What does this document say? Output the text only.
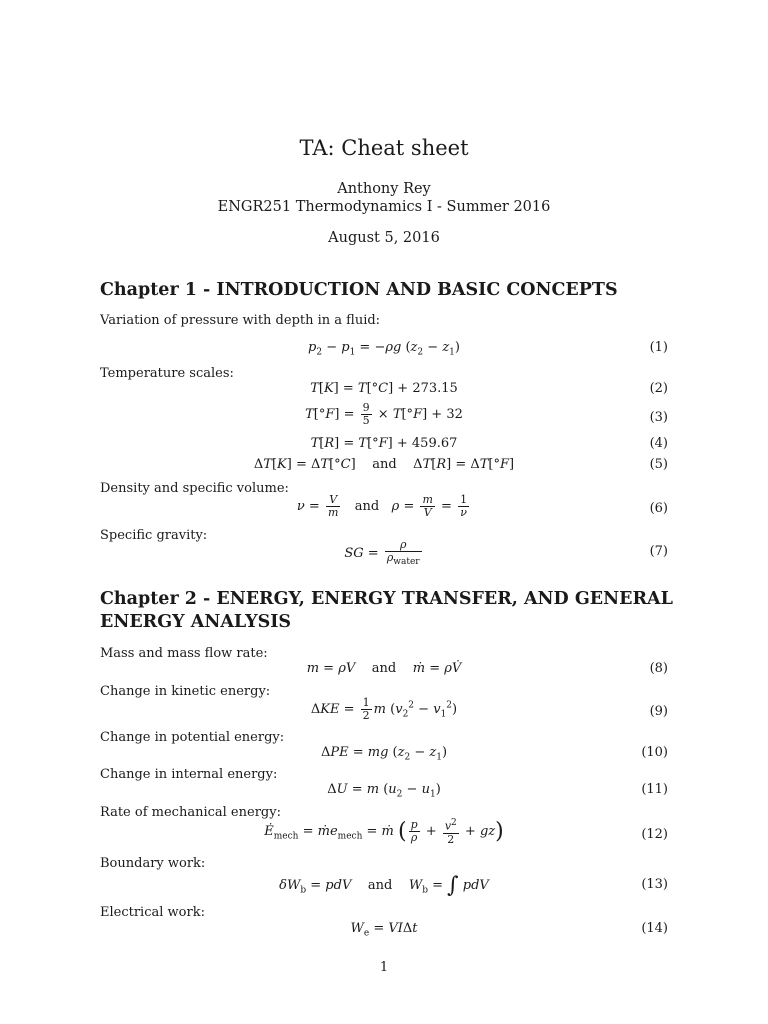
TA: Cheat sheet
Anthony Rey
ENGR251 Thermodynamics I - Summer 2016
August 5, 2016
Chapter 1 - INTRODUCTION AND BASIC CONCEPTS
Variation of pressure with depth in a fluid:
$p_2 - p_1 = -\rho g$ $(z_2 - z_1)$	(1)
Temperature scales:
T[K] = T[°C] + 273.15	(2)
$T[^\circ F] = \frac{9}{5} \times T[^\circ F] + 32$	(3)
T[R] = T[°F] + 459.67	(4)
ΔT[K] = ΔT[°C]    and    ΔT[R] = ΔT[°F]	(5)
Density and specific volume:
$\nu = \frac{V}{m}$ and   $\rho = \frac{m}{V} = \frac{1}{\nu}$	(6)
Specific gravity:
SG = $\frac{\rho}{\rho_{water}}$	(7)
Chapter 2 - ENERGY, ENERGY TRANSFER, AND GENERAL ENERGY ANALYSIS
Mass and mass flow rate:
m = ρV    and    ṁ = ρV̇	(8)
Change in kinetic energy:
$\Delta KE = \frac{1}{2}$ m $(v_2^2 - v_1^2)$	(9)
Change in potential energy:
ΔPE = mg $(z_2 - z_1)$	(10)
Change in internal energy:
ΔU = m $(u_2 - u_1)$	(11)
Rate of mechanical energy:
$Ė_{mech}$ = ṁe$_{mech}$ = ṁ ( $\frac{p}{\rho} + \frac{v^2}{2} + gz$)	(12)
Boundary work:
$\delta W_b$ = pdV    and    $W_b$ = ∫ pdV	(13)
Electrical work:
$W_e = VI\Delta t$	(14)
1
